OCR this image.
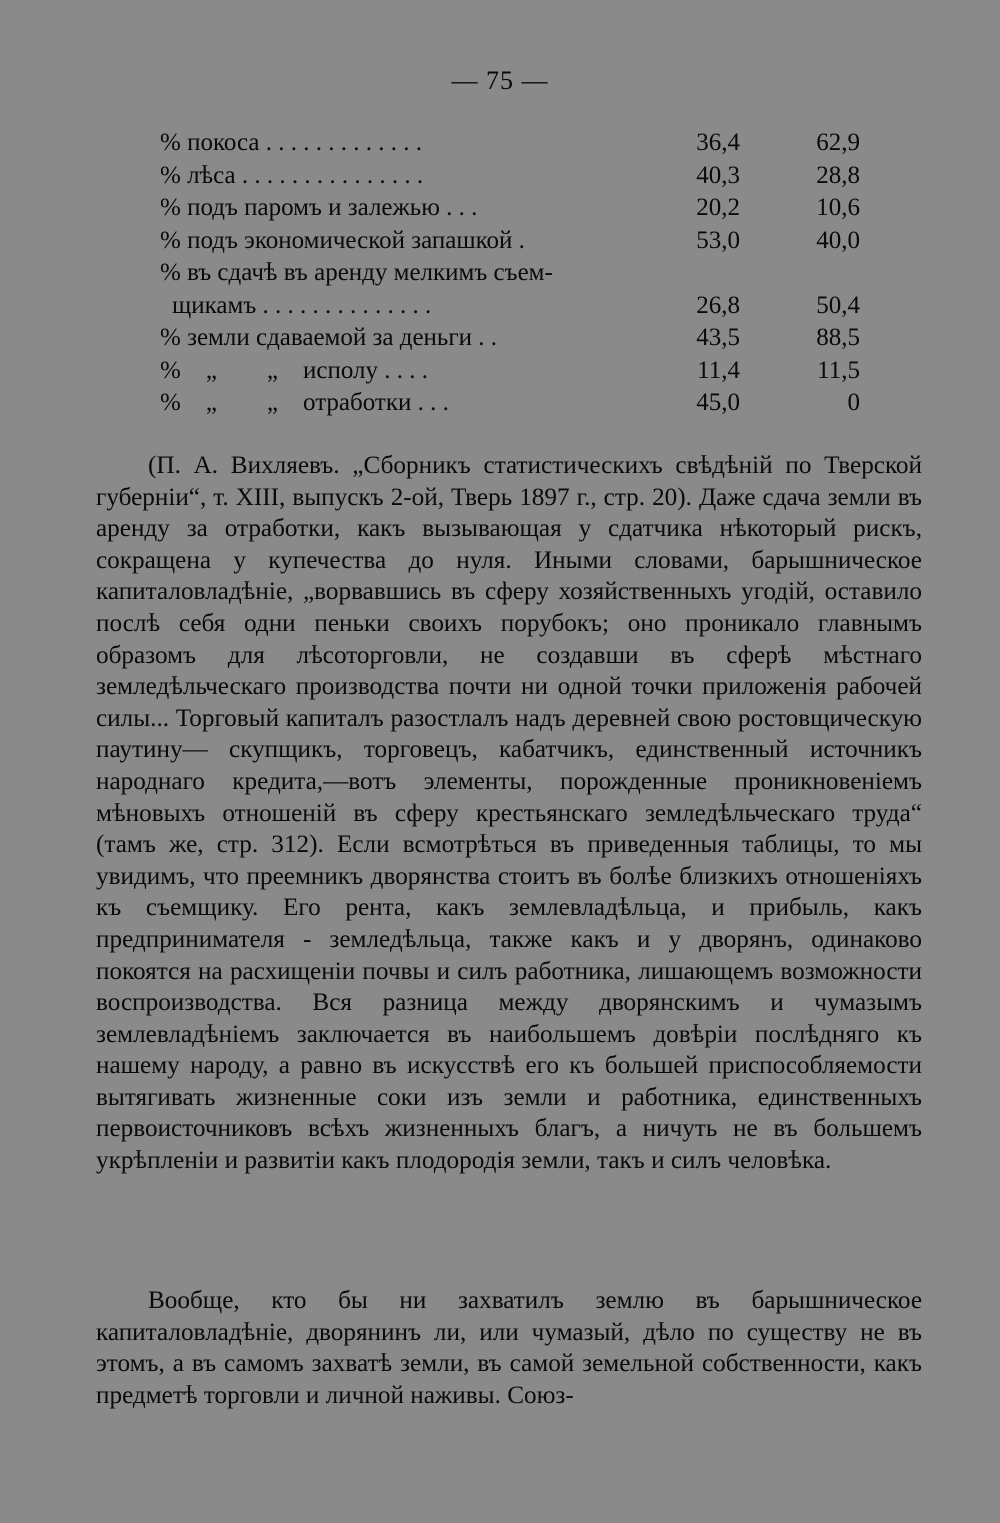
— 75 —
% покоса . . . . . . . . . . . . .	36,4	62,9
% лѣса . . . . . . . . . . . . . . .	40,3	28,8
% подъ паромъ и залежью . . .	20,2	10,6
% подъ экономической запашкой .	53,0	40,0
% въ сдачѣ въ аренду мелкимъ съем-
щикамъ . . . . . . . . . . . . . .	26,8	50,4
% земли сдаваемой за деньги . .	43,5	88,5
%    „        „    исполу . . . .	11,4	11,5
%    „        „    отработки . . .	45,0	0

(П. А. Вихляевъ. „Сборникъ статистическихъ свѣдѣній по Тверской губерніи“, т. XIII, выпускъ 2-ой, Тверь 1897 г., стр. 20). Даже сдача земли въ аренду за отработки, какъ вызывающая у сдатчика нѣкоторый рискъ, сокращена у купечества до нуля. Иными словами, барышническое капиталовладѣніе, „ворвавшись въ сферу хозяйственныхъ угодій, оставило послѣ себя одни пеньки своихъ порубокъ; оно проникало главнымъ образомъ для лѣсоторговли, не создавши въ сферѣ мѣстнаго земледѣльческаго производства почти ни одной точки приложенія рабочей силы... Торговый капиталъ разостлалъ надъ деревней свою ростовщическую паутину— скупщикъ, торговецъ, кабатчикъ, единственный источникъ народнаго кредита,—вотъ элементы, порожденные проникновеніемъ мѣновыхъ отношеній въ сферу крестьянскаго земледѣльческаго труда“ (тамъ же, стр. 312). Если всмотрѣться въ приведенныя таблицы, то мы увидимъ, что преемникъ дворянства стоитъ въ болѣе близкихъ отношеніяхъ къ съемщику. Его рента, какъ землевладѣльца, и прибыль, какъ предпринимателя - земледѣльца, также какъ и у дворянъ, одинаково покоятся на расхищеніи почвы и силъ работника, лишающемъ возможности воспроизводства. Вся разница между дворянскимъ и чумазымъ землевладѣніемъ заключается въ наибольшемъ довѣріи послѣдняго къ нашему народу, а равно въ искусствѣ его къ большей приспособляемости вытягивать жизненные соки изъ земли и работника, единственныхъ первоисточниковъ всѣхъ жизненныхъ благъ, а ничуть не въ большемъ укрѣпленіи и развитіи какъ плодородія земли, такъ и силъ человѣка.

Вообще, кто бы ни захватилъ землю въ барышническое капиталовладѣніе, дворянинъ ли, или чумазый, дѣло по существу не въ этомъ, а въ самомъ захватѣ земли, въ самой земельной собственности, какъ предметѣ торговли и личной наживы. Союз-
